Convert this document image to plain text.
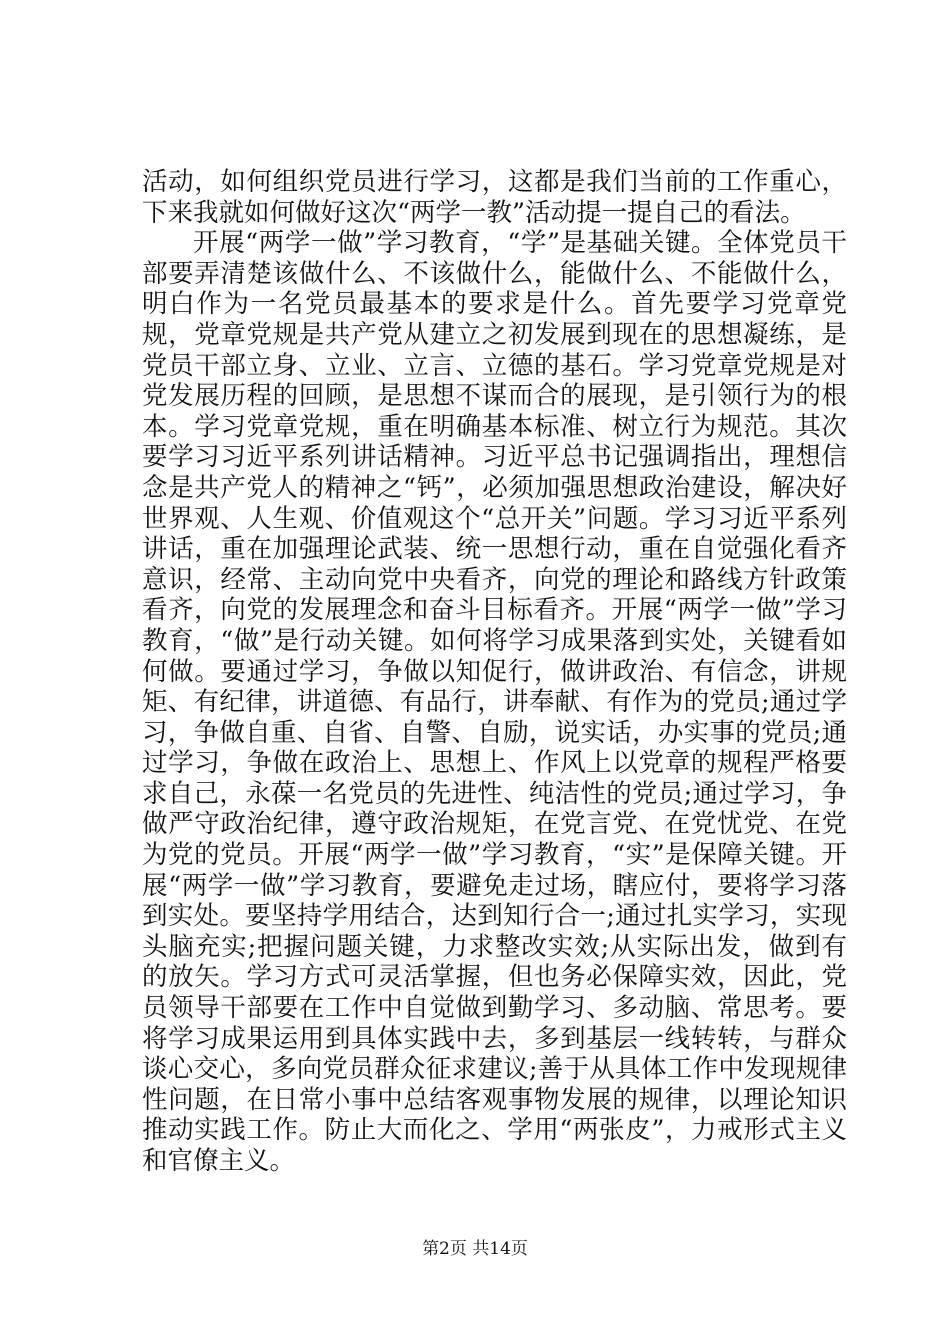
活动，如何组织党员进行学习，这都是我们当前的工作重心，下来我就如何做好这次“两学一教”活动提一提自己的看法。

开展“两学一做”学习教育，“学”是基础关键。全体党员干部要弄清楚该做什么、不该做什么，能做什么、不能做什么，明白作为一名党员最基本的要求是什么。首先要学习党章党规，党章党规是共产党从建立之初发展到现在的思想凝练，是党员干部立身、立业、立言、立德的基石。学习党章党规是对党发展历程的回顾，是思想不谋而合的展现，是引领行为的根本。学习党章党规，重在明确基本标准、树立行为规范。其次要学习习近平系列讲话精神。习近平总书记强调指出，理想信念是共产党人的精神之“钙”，必须加强思想政治建设，解决好世界观、人生观、价值观这个“总开关”问题。学习习近平系列讲话，重在加强理论武装、统一思想行动，重在自觉强化看齐意识，经常、主动向党中央看齐，向党的理论和路线方针政策看齐，向党的发展理念和奋斗目标看齐。开展“两学一做”学习教育，“做”是行动关键。如何将学习成果落到实处，关键看如何做。要通过学习，争做以知促行，做讲政治、有信念，讲规矩、有纪律，讲道德、有品行，讲奉献、有作为的党员;通过学习，争做自重、自省、自警、自励，说实话，办实事的党员;通过学习，争做在政治上、思想上、作风上以党章的规程严格要求自己，永葆一名党员的先进性、纯洁性的党员;通过学习，争做严守政治纪律，遵守政治规矩，在党言党、在党忧党、在党为党的党员。开展“两学一做”学习教育，“实”是保障关键。开展“两学一做”学习教育，要避免走过场，瞎应付，要将学习落到实处。要坚持学用结合，达到知行合一;通过扎实学习，实现头脑充实;把握问题关键，力求整改实效;从实际出发，做到有的放矢。学习方式可灵活掌握，但也务必保障实效，因此，党员领导干部要在工作中自觉做到勤学习、多动脑、常思考。要将学习成果运用到具体实践中去，多到基层一线转转，与群众谈心交心，多向党员群众征求建议;善于从具体工作中发现规律性问题，在日常小事中总结客观事物发展的规律，以理论知识推动实践工作。防止大而化之、学用“两张皮”，力戒形式主义和官僚主义。

第2页 共14页
